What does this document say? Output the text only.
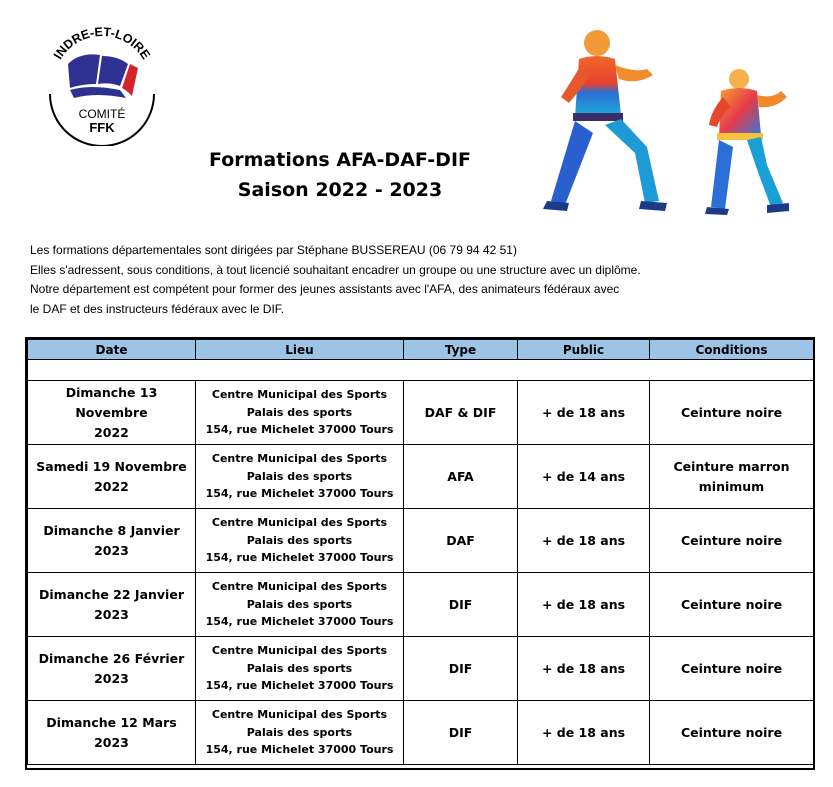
INDRE-ET-LOIRE
COMITÉ
FFK
Formations AFA-DAF-DIF
Saison 2022 - 2023

Les formations départementales sont dirigées par Stéphane BUSSEREAU (06 79 94 42 51)

Elles s'adressent, sous conditions, à tout licencié souhaitant encadrer un groupe ou une structure avec un diplôme.

Notre département est compétent pour former des jeunes assistants avec l'AFA, des animateurs fédéraux avec

le DAF et des instructeurs fédéraux avec le DIF.

Date	Lieu	Type	Public	Conditions

Dimanche 13 Novembre
2022	Centre Municipal des Sports
Palais des sports
154, rue Michelet 37000 Tours	DAF & DIF	+ de 18 ans	Ceinture noire

Samedi 19 Novembre
2022	Centre Municipal des Sports
Palais des sports
154, rue Michelet 37000 Tours	AFA	+ de 14 ans	Ceinture marron
minimum

Dimanche 8 Janvier
2023	Centre Municipal des Sports
Palais des sports
154, rue Michelet 37000 Tours	DAF	+ de 18 ans	Ceinture noire

Dimanche 22 Janvier
2023	Centre Municipal des Sports
Palais des sports
154, rue Michelet 37000 Tours	DIF	+ de 18 ans	Ceinture noire

Dimanche 26 Février
2023	Centre Municipal des Sports
Palais des sports
154, rue Michelet 37000 Tours	DIF	+ de 18 ans	Ceinture noire

Dimanche 12 Mars
2023	Centre Municipal des Sports
Palais des sports
154, rue Michelet 37000 Tours	DIF	+ de 18 ans	Ceinture noire
